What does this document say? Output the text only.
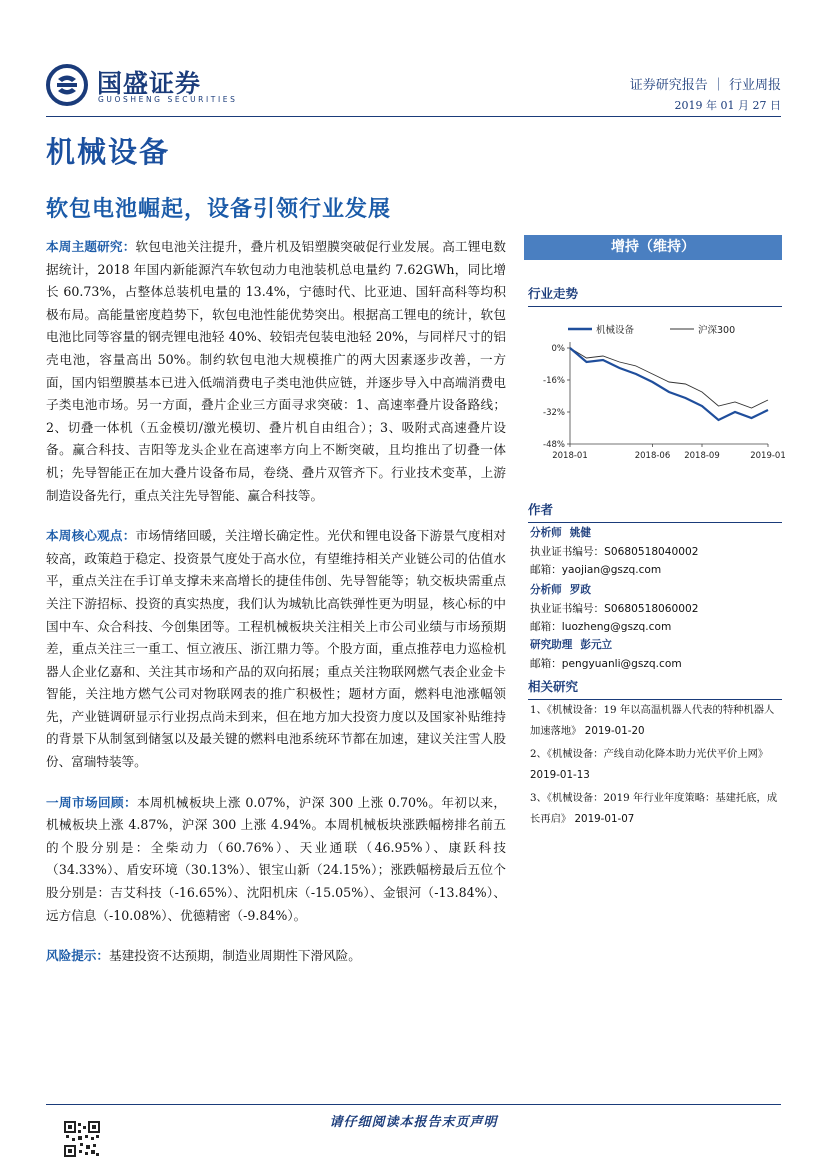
国盛证券
GUOSHENG SECURITIES
证券研究报告 ｜ 行业周报
2019 年 01 月 27 日
机械设备
软包电池崛起，设备引领行业发展

本周主题研究：软包电池关注提升，叠片机及铝塑膜突破促行业发展。高工锂电数据统计，2018 年国内新能源汽车软包动力电池装机总电量约 7.62GWh，同比增长 60.73%，占整体总装机电量的 13.4%，宁德时代、比亚迪、国轩高科等均积极布局。高能量密度趋势下，软包电池性能优势突出。根据高工锂电的统计，软包电池比同等容量的钢壳锂电池轻 40%、较铝壳包装电池轻 20%，与同样尺寸的铝壳电池，容量高出 50%。制约软包电池大规模推广的两大因素逐步改善，一方面，国内铝塑膜基本已进入低端消费电子类电池供应链，并逐步导入中高端消费电子类电池市场。另一方面，叠片企业三方面寻求突破：1、高速率叠片设备路线；2、切叠一体机（五金模切/激光模切、叠片机自由组合）；3、吸附式高速叠片设备。赢合科技、吉阳等龙头企业在高速率方向上不断突破，且均推出了切叠一体机；先导智能正在加大叠片设备布局，卷绕、叠片双管齐下。行业技术变革，上游制造设备先行，重点关注先导智能、赢合科技等。

本周核心观点：市场情绪回暖，关注增长确定性。光伏和锂电设备下游景气度相对较高，政策趋于稳定、投资景气度处于高水位，有望维持相关产业链公司的估值水平，重点关注在手订单支撑未来高增长的捷佳伟创、先导智能等；轨交板块需重点关注下游招标、投资的真实热度，我们认为城轨比高铁弹性更为明显，核心标的中国中车、众合科技、今创集团等。工程机械板块关注相关上市公司业绩与市场预期差，重点关注三一重工、恒立液压、浙江鼎力等。个股方面，重点推荐电力巡检机器人企业亿嘉和、关注其市场和产品的双向拓展；重点关注物联网燃气表企业金卡智能，关注地方燃气公司对物联网表的推广积极性；题材方面，燃料电池涨幅领先，产业链调研显示行业拐点尚未到来，但在地方加大投资力度以及国家补贴维持的背景下从制氢到储氢以及最关键的燃料电池系统环节都在加速，建议关注雪人股份、富瑞特装等。

一周市场回顾：本周机械板块上涨 0.07%，沪深 300 上涨 0.70%。年初以来，机械板块上涨 4.87%，沪深 300 上涨 4.94%。本周机械板块涨跌幅榜排名前五的个股分别是：全柴动力（60.76%）、天业通联（46.95%）、康跃科技（34.33%）、盾安环境（30.13%）、银宝山新（24.15%）；涨跌幅榜最后五位个股分别是：吉艾科技（-16.65%）、沈阳机床（-15.05%）、金银河（-13.84%）、远方信息（-10.08%）、优德精密（-9.84%）。

风险提示：基建投资不达预期，制造业周期性下滑风险。

增持（维持）
行业走势
0%
-16%
-32%
-48%
2018-01	2018-06 2018-09	2019-01
机械设备	沪深300
作者
分析师 姚健
执业证书编号：S0680518040002
邮箱：yaojian@gszq.com
分析师 罗政
执业证书编号：S0680518060002
邮箱：luozheng@gszq.com
研究助理 彭元立
邮箱：pengyuanli@gszq.com
相关研究
1、《机械设备：19 年以高温机器人代表的特种机器人加速落地》 2019-01-20
2、《机械设备：产线自动化降本助力光伏平价上网》
2019-01-13
3、《机械设备：2019 年行业年度策略：基建托底，成长再启》 2019-01-07
请仔细阅读本报告末页声明
